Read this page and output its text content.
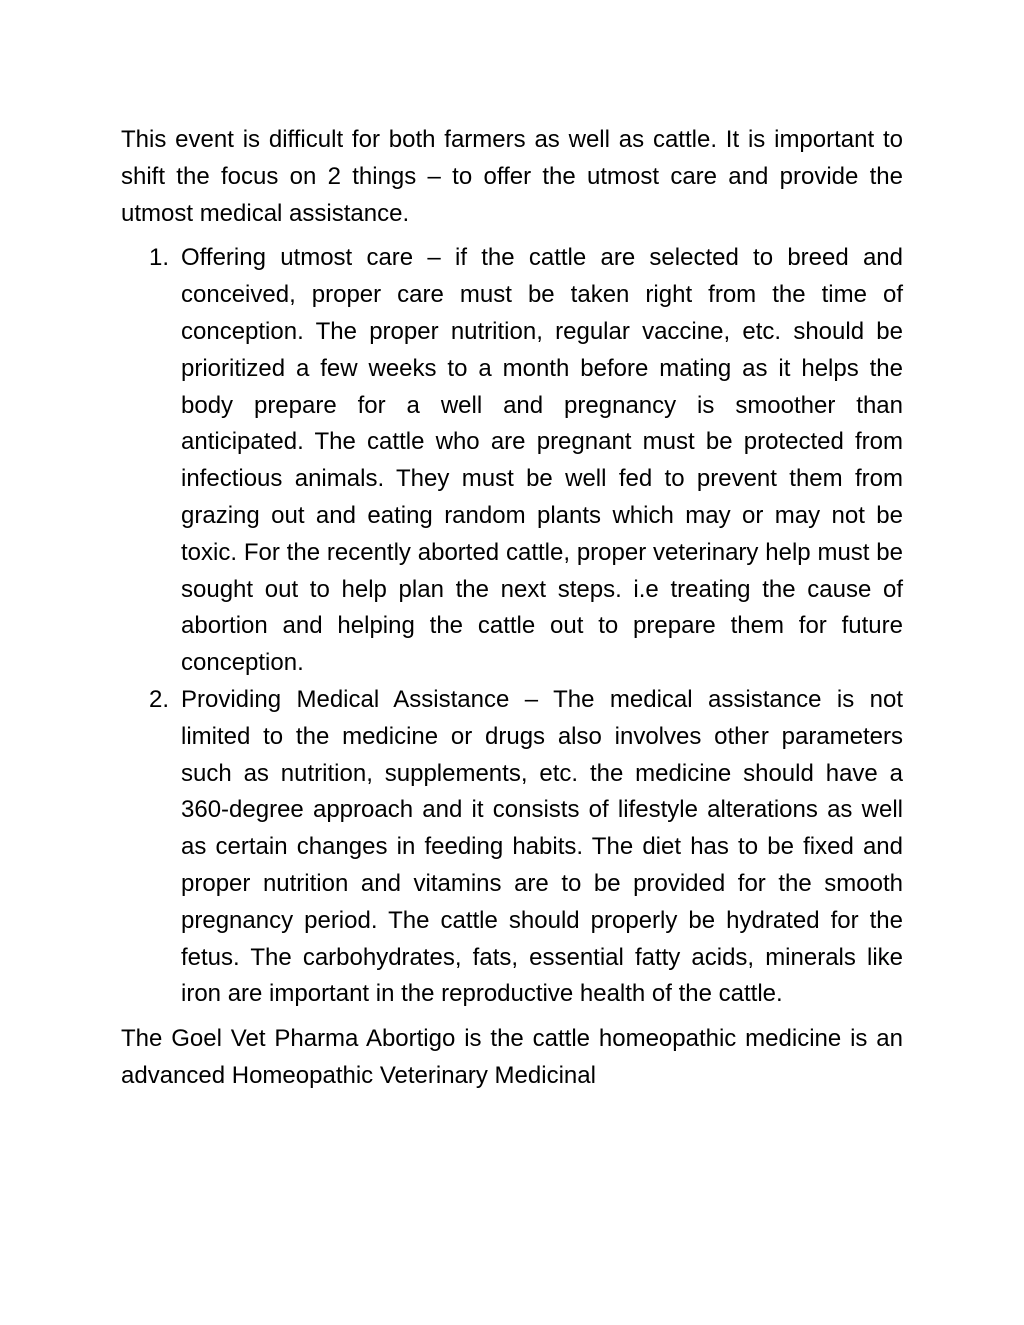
This event is difficult for both farmers as well as cattle. It is important to shift the focus on 2 things – to offer the utmost care and provide the utmost medical assistance.

1. Offering utmost care – if the cattle are selected to breed and conceived, proper care must be taken right from the time of conception. The proper nutrition, regular vaccine, etc. should be prioritized a few weeks to a month before mating as it helps the body prepare for a well and pregnancy is smoother than anticipated. The cattle who are pregnant must be protected from infectious animals. They must be well fed to prevent them from grazing out and eating random plants which may or may not be toxic. For the recently aborted cattle, proper veterinary help must be sought out to help plan the next steps. i.e treating the cause of abortion and helping the cattle out to prepare them for future conception.
2. Providing Medical Assistance – The medical assistance is not limited to the medicine or drugs also involves other parameters such as nutrition, supplements, etc. the medicine should have a 360-degree approach and it consists of lifestyle alterations as well as certain changes in feeding habits. The diet has to be fixed and proper nutrition and vitamins are to be provided for the smooth pregnancy period. The cattle should properly be hydrated for the fetus. The carbohydrates, fats, essential fatty acids, minerals like iron are important in the reproductive health of the cattle.

The Goel Vet Pharma Abortigo is the cattle homeopathic medicine is an advanced Homeopathic Veterinary Medicinal
